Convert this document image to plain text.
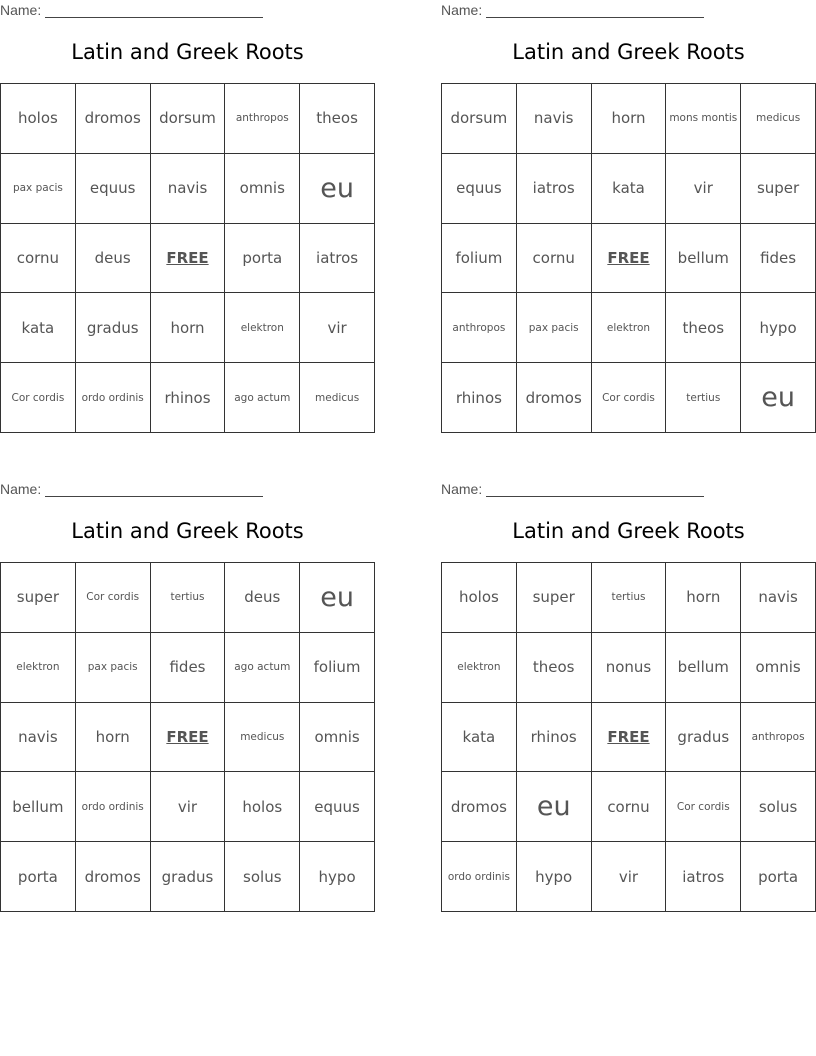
Name:
Latin and Greek Roots
holos	dromos	dorsum	anthropos	theos
pax pacis	equus	navis	omnis	eu
cornu	deus	FREE	porta	iatros
kata	gradus	horn	elektron	vir
Cor cordis	ordo ordinis	rhinos	ago actum	medicus
Name:
Latin and Greek Roots
dorsum	navis	horn	mons montis	medicus
equus	iatros	kata	vir	super
folium	cornu	FREE	bellum	fides
anthropos	pax pacis	elektron	theos	hypo
rhinos	dromos	Cor cordis	tertius	eu
Name:
Latin and Greek Roots
super	Cor cordis	tertius	deus	eu
elektron	pax pacis	fides	ago actum	folium
navis	horn	FREE	medicus	omnis
bellum	ordo ordinis	vir	holos	equus
porta	dromos	gradus	solus	hypo
Name:
Latin and Greek Roots
holos	super	tertius	horn	navis
elektron	theos	nonus	bellum	omnis
kata	rhinos	FREE	gradus	anthropos
dromos	eu	cornu	Cor cordis	solus
ordo ordinis	hypo	vir	iatros	porta
